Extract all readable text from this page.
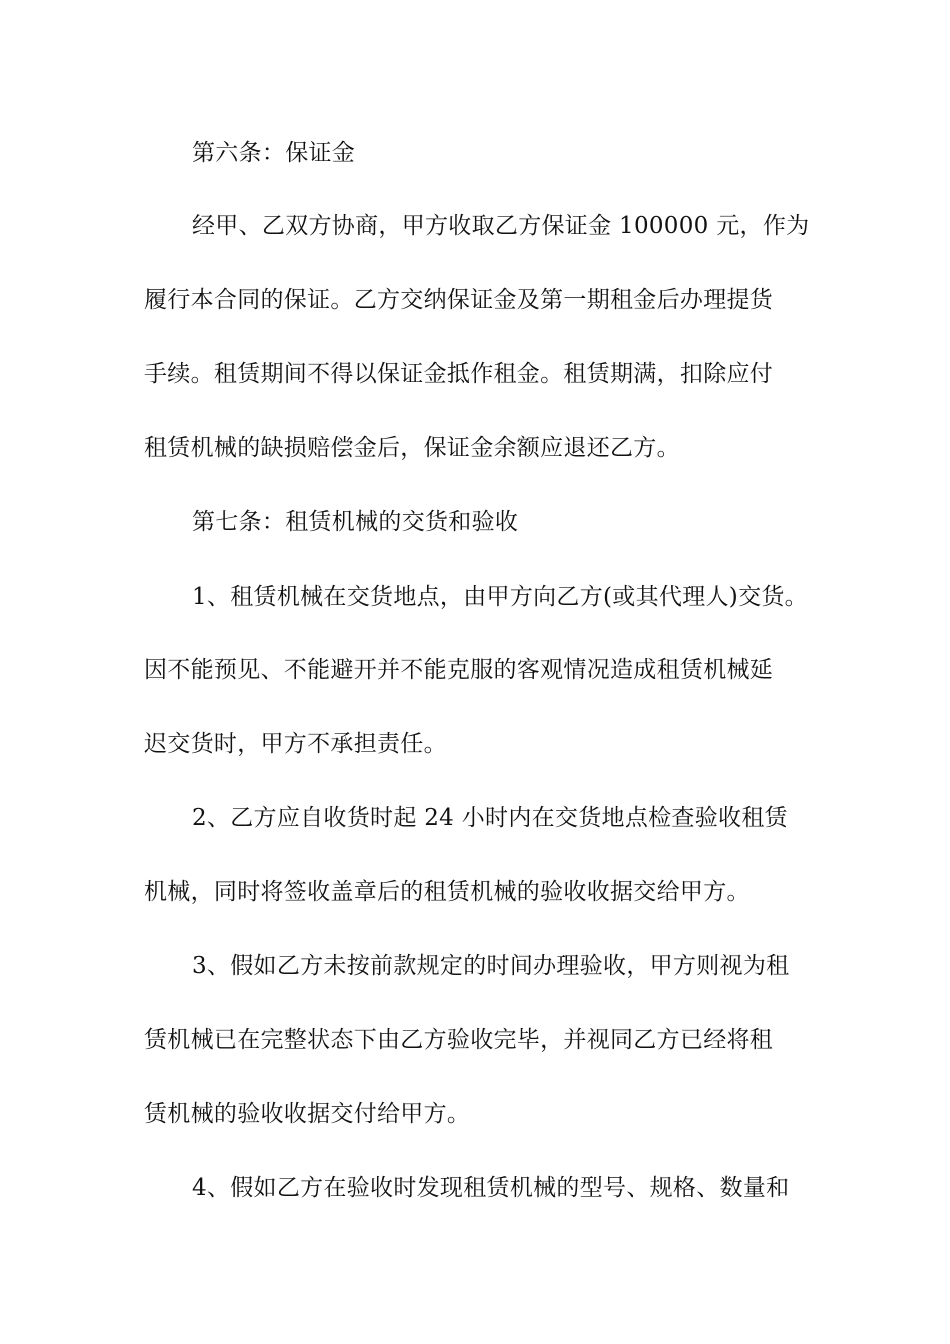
第六条：保证金
经甲、乙双方协商，甲方收取乙方保证金 100000 元，作为
履行本合同的保证。乙方交纳保证金及第一期租金后办理提货
手续。租赁期间不得以保证金抵作租金。租赁期满，扣除应付
租赁机械的缺损赔偿金后，保证金余额应退还乙方。
第七条：租赁机械的交货和验收
1、租赁机械在交货地点，由甲方向乙方(或其代理人)交货。
因不能预见、不能避开并不能克服的客观情况造成租赁机械延
迟交货时，甲方不承担责任。
2、乙方应自收货时起 24 小时内在交货地点检查验收租赁
机械，同时将签收盖章后的租赁机械的验收收据交给甲方。
3、假如乙方未按前款规定的时间办理验收，甲方则视为租
赁机械已在完整状态下由乙方验收完毕，并视同乙方已经将租
赁机械的验收收据交付给甲方。
4、假如乙方在验收时发现租赁机械的型号、规格、数量和
